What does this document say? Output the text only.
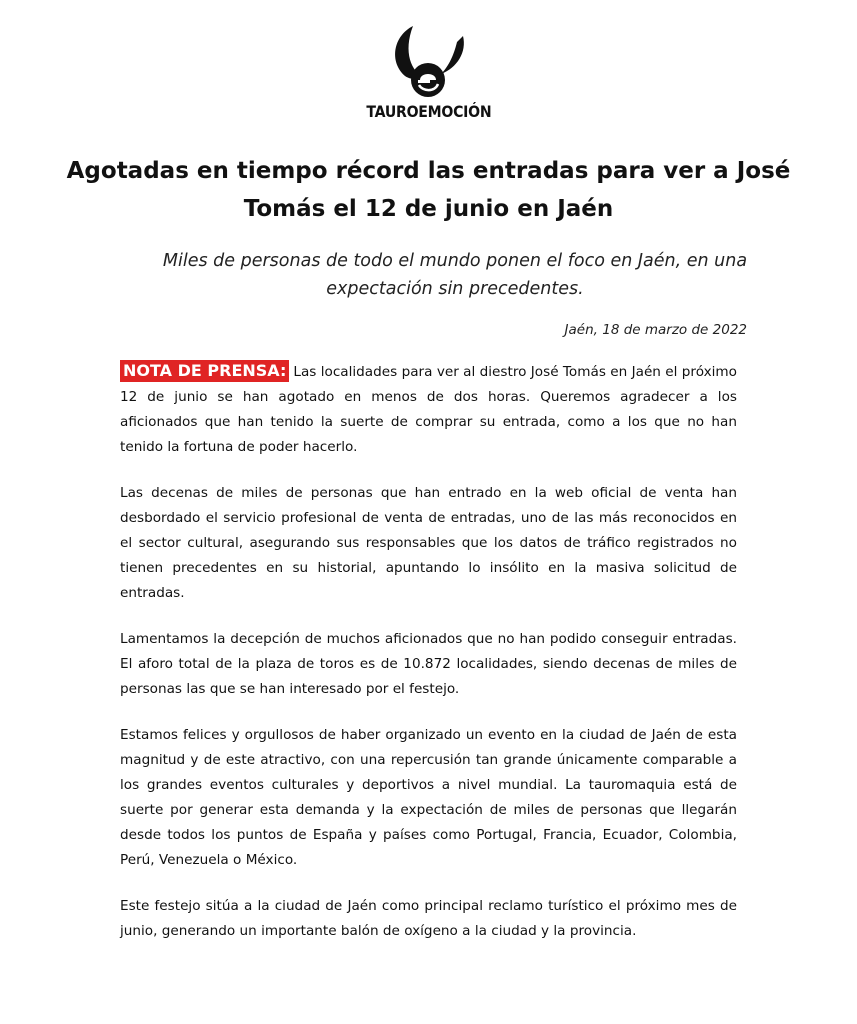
TAUROEMOCIÓN
Agotadas en tiempo récord las entradas para ver a José Tomás el 12 de junio en Jaén

Miles de personas de todo el mundo ponen el foco en Jaén, en una expectación sin precedentes.

Jaén, 18 de marzo de 2022

NOTA DE PRENSA: Las localidades para ver al diestro José Tomás en Jaén el próximo 12 de junio se han agotado en menos de dos horas. Queremos agradecer a los aficionados que han tenido la suerte de comprar su entrada, como a los que no han tenido la fortuna de poder hacerlo.

Las decenas de miles de personas que han entrado en la web oficial de venta han desbordado el servicio profesional de venta de entradas, uno de las más reconocidos en el sector cultural, asegurando sus responsables que los datos de tráfico registrados no tienen precedentes en su historial, apuntando lo insólito en la masiva solicitud de entradas.

Lamentamos la decepción de muchos aficionados que no han podido conseguir entradas. El aforo total de la plaza de toros es de 10.872 localidades, siendo decenas de miles de personas las que se han interesado por el festejo.

Estamos felices y orgullosos de haber organizado un evento en la ciudad de Jaén de esta magnitud y de este atractivo, con una repercusión tan grande únicamente comparable a los grandes eventos culturales y deportivos a nivel mundial. La tauromaquia está de suerte por generar esta demanda y la expectación de miles de personas que llegarán desde todos los puntos de España y países como Portugal, Francia, Ecuador, Colombia, Perú, Venezuela o México.

Este festejo sitúa a la ciudad de Jaén como principal reclamo turístico el próximo mes de junio, generando un importante balón de oxígeno a la ciudad y la provincia.
